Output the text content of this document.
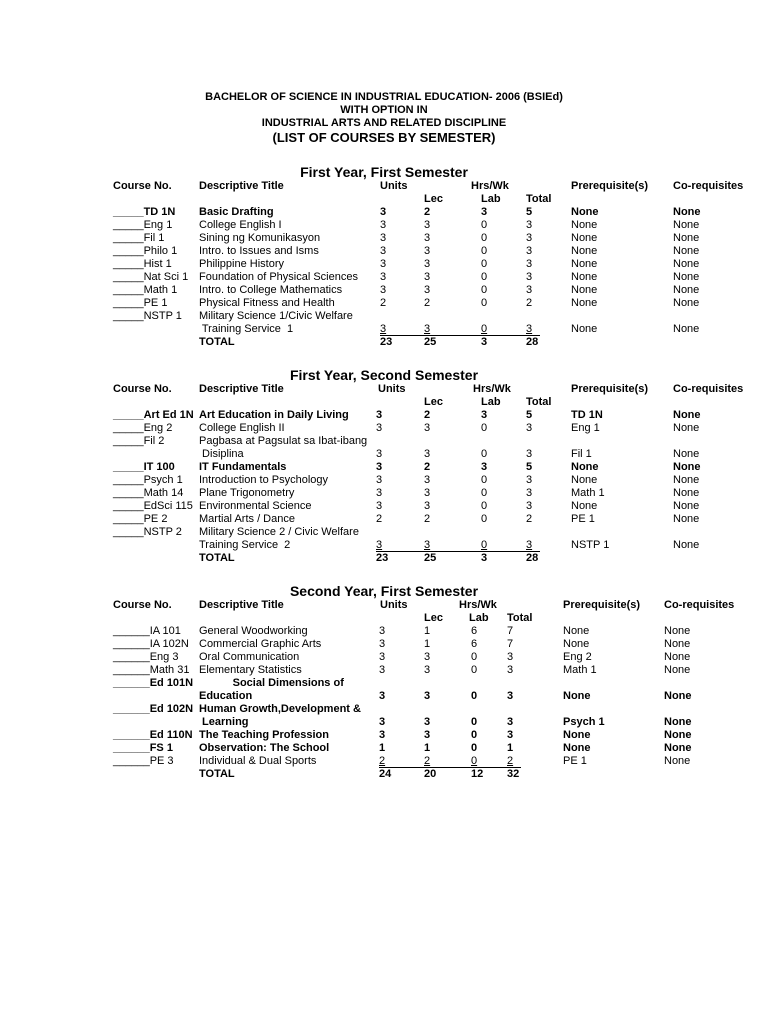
BACHELOR OF SCIENCE IN INDUSTRIAL EDUCATION- 2006 (BSIEd)
WITH OPTION IN
INDUSTRIAL ARTS AND RELATED DISCIPLINE
(LIST OF COURSES BY SEMESTER)
First Year, First Semester
Course No. Descriptive Title	Units	Hrs/Wk	Prerequisite(s) Co-requisites
Lec	Lab Total
_____TD 1N Basic Drafting	3	2	3	5	None	None
_____Eng 1 College English I	3	3	0	3	None	None
_____Fil 1	Sining ng Komunikasyon	3	3	0	3	None	None
_____Philo 1 Intro. to Issues and Isms	3	3	0	3	None	None
_____Hist 1 Philippine History	3	3	0	3	None	None
_____Nat Sci 1 Foundation of Physical Sciences 3	3	0	3	None	None
_____Math 1 Intro. to College Mathematics	3	3	0	3	None	None
_____PE 1	Physical Fitness and Health	2	2	0	2	None	None
_____NSTP 1 Military Science 1/Civic Welfare
Training Service  1	3	3	0	3	None	None
TOTAL	23	25	3	28
First Year, Second Semester
Course No. Descriptive Title	Units	Hrs/Wk	Prerequisite(s) Co-requisites
Lec	Lab Total
_____Art Ed 1N Art Education in Daily Living 3	2	3	5	TD 1N	None
_____Eng 2 College English II	3	3	0	3	Eng 1	None
_____Fil 2	Pagbasa at Pagsulat sa Ibat-ibang
Disiplina	3	3	0	3	Fil 1	None
_____IT 100 IT Fundamentals	3	2	3	5	None	None
_____Psych 1 Introduction to Psychology	3	3	0	3	None	None
_____Math 14 Plane Trigonometry	3	3	0	3	Math 1	None
_____EdSci 115 Environmental Science	3	3	0	3	None	None
_____PE 2	Martial Arts / Dance	2	2	0	2	PE 1	None
_____NSTP 2 Military Science 2 / Civic Welfare
Training Service  2	3	3	0	3	NSTP 1	None
TOTAL	23	25	3	28
Second Year, First Semester
Course No. Descriptive Title	Units	Hrs/Wk	Prerequisite(s) Co-requisites
Lec Lab Total
______IA 101 General Woodworking	3	1	6	7	None	None
______IA 102N Commercial Graphic Arts	3	1	6	7	None	None
______Eng 3 Oral Communication	3	3	0	3	Eng 2	None
______Math 31 Elementary Statistics	3	3	0	3	Math 1	None
______Ed 101N Social Dimensions of
Education	3	3	0	3	None	None
______Ed 102N Human Growth,Development &
Learning	3	3	0	3	Psych 1	None
______Ed 110N The Teaching Profession	3	3	0	3	None	None
______FS 1 Observation: The School	1	1	0	1	None	None
______PE 3 Individual & Dual Sports	2	2	0	2	PE 1	None
TOTAL	24	20	12 32
